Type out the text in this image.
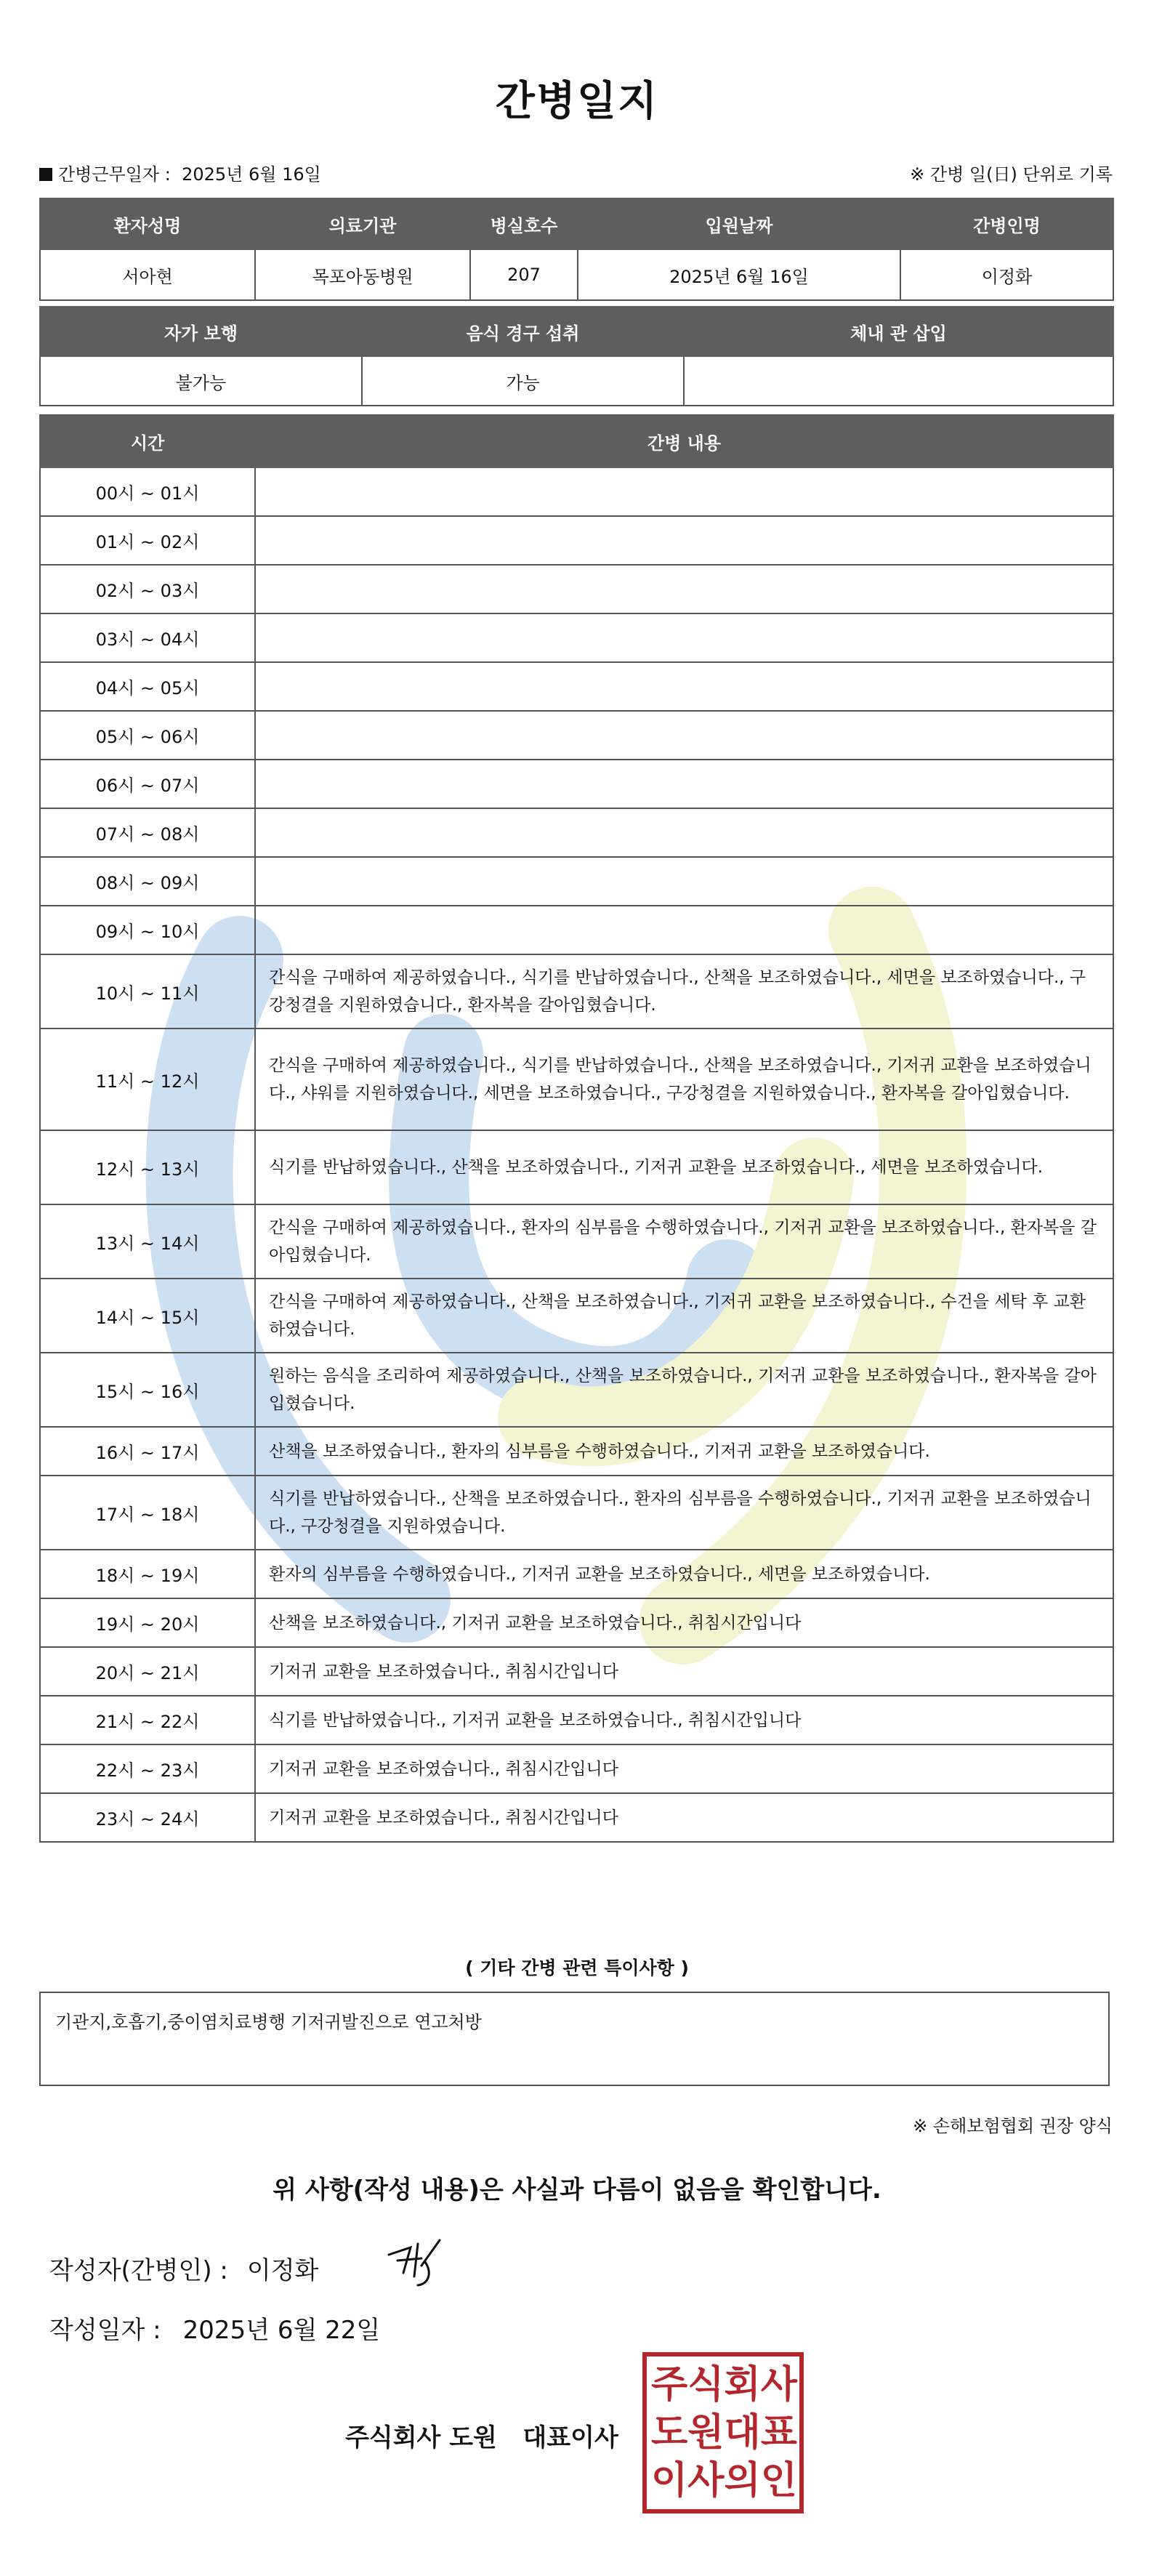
간병일지
간병근무일자 : 2025년 6월 16일	※ 간병 일(日) 단위로 기록
환자성명	의료기관	병실호수	입원날짜	간병인명
서아현	목포아동병원	207	2025년 6월 16일	이정화
자가 보행	음식 경구 섭취	체내 관 삽입
불가능	가능	
시간	간병 내용
00시 ~ 01시	
01시 ~ 02시	
02시 ~ 03시	
03시 ~ 04시	
04시 ~ 05시	
05시 ~ 06시	
06시 ~ 07시	
07시 ~ 08시	
08시 ~ 09시	
09시 ~ 10시	
10시 ~ 11시	간식을 구매하여 제공하였습니다., 식기를 반납하였습니다., 산책을 보조하였습니다., 세면을 보조하였습니다., 구강청결을 지원하였습니다., 환자복을 갈아입혔습니다.
11시 ~ 12시	간식을 구매하여 제공하였습니다., 식기를 반납하였습니다., 산책을 보조하였습니다., 기저귀 교환을 보조하였습니다., 샤워를 지원하였습니다., 세면을 보조하였습니다., 구강청결을 지원하였습니다., 환자복을 갈아입혔습니다.
12시 ~ 13시	식기를 반납하였습니다., 산책을 보조하였습니다., 기저귀 교환을 보조하였습니다., 세면을 보조하였습니다.
13시 ~ 14시	간식을 구매하여 제공하였습니다., 환자의 심부름을 수행하였습니다., 기저귀 교환을 보조하였습니다., 환자복을 갈아입혔습니다.
14시 ~ 15시	간식을 구매하여 제공하였습니다., 산책을 보조하였습니다., 기저귀 교환을 보조하였습니다., 수건을 세탁 후 교환하였습니다.
15시 ~ 16시	원하는 음식을 조리하여 제공하였습니다., 산책을 보조하였습니다., 기저귀 교환을 보조하였습니다., 환자복을 갈아입혔습니다.
16시 ~ 17시	산책을 보조하였습니다., 환자의 심부름을 수행하였습니다., 기저귀 교환을 보조하였습니다.
17시 ~ 18시	식기를 반납하였습니다., 산책을 보조하였습니다., 환자의 심부름을 수행하였습니다., 기저귀 교환을 보조하였습니다., 구강청결을 지원하였습니다.
18시 ~ 19시	환자의 심부름을 수행하였습니다., 기저귀 교환을 보조하였습니다., 세면을 보조하였습니다.
19시 ~ 20시	산책을 보조하였습니다., 기저귀 교환을 보조하였습니다., 취침시간입니다
20시 ~ 21시	기저귀 교환을 보조하였습니다., 취침시간입니다
21시 ~ 22시	식기를 반납하였습니다., 기저귀 교환을 보조하였습니다., 취침시간입니다
22시 ~ 23시	기저귀 교환을 보조하였습니다., 취침시간입니다
23시 ~ 24시	기저귀 교환을 보조하였습니다., 취침시간입니다
( 기타 간병 관련 특이사항 )
기관지,호흡기,중이염치료병행 기저귀발진으로 연고처방
※ 손해보험협회 권장 양식
위 사항(작성 내용)은 사실과 다름이 없음을 확인합니다.
작성자(간병인) : 이정화
작성일자 : 2025년 6월 22일
주식회사 도원   대표이사
주 식 회 사
도 원 대 표
이 사 의 인
